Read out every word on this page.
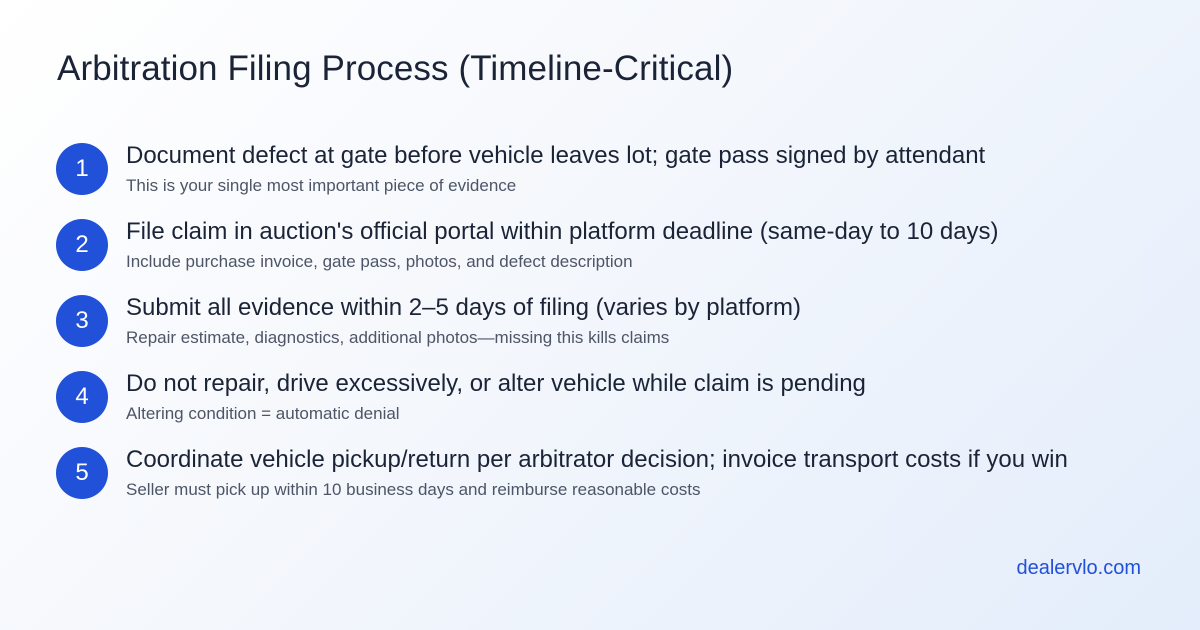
Arbitration Filing Process (Timeline-Critical)
1	Document defect at gate before vehicle leaves lot; gate pass signed by attendant
This is your single most important piece of evidence
2	File claim in auction's official portal within platform deadline (same-day to 10 days)
Include purchase invoice, gate pass, photos, and defect description
3	Submit all evidence within 2–5 days of filing (varies by platform)
Repair estimate, diagnostics, additional photos—missing this kills claims
4	Do not repair, drive excessively, or alter vehicle while claim is pending
Altering condition = automatic denial
5	Coordinate vehicle pickup/return per arbitrator decision; invoice transport costs if you win
Seller must pick up within 10 business days and reimburse reasonable costs
dealervlo.com
